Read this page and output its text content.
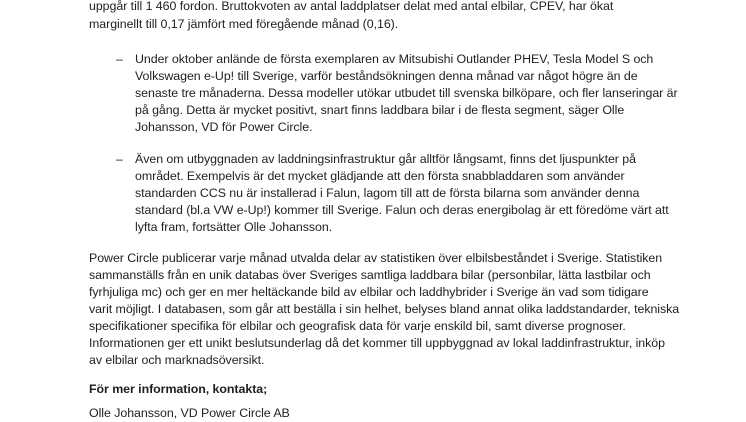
uppgår till 1 460 fordon. Bruttokvoten av antal laddplatser delat med antal elbilar, CPEV, har ökat
marginellt till 0,17 jämfört med föregående månad (0,16).
– Under oktober anlände de första exemplaren av Mitsubishi Outlander PHEV, Tesla Model S och
Volkswagen e-Up! till Sverige, varför beståndsökningen denna månad var något högre än de
senaste tre månaderna. Dessa modeller utökar utbudet till svenska bilköpare, och fler lanseringar är
på gång. Detta är mycket positivt, snart finns laddbara bilar i de flesta segment, säger Olle
Johansson, VD för Power Circle.
– Även om utbyggnaden av laddningsinfrastruktur går alltför långsamt, finns det ljuspunkter på
området. Exempelvis är det mycket glädjande att den första snabbladdaren som använder
standarden CCS nu är installerad i Falun, lagom till att de första bilarna som använder denna
standard (bl.a VW e-Up!) kommer till Sverige. Falun och deras energibolag är ett föredöme värt att
lyfta fram, fortsätter Olle Johansson.
Power Circle publicerar varje månad utvalda delar av statistiken över elbilsbeståndet i Sverige. Statistiken
sammanställs från en unik databas över Sveriges samtliga laddbara bilar (personbilar, lätta lastbilar och
fyrhjuliga mc) och ger en mer heltäckande bild av elbilar och laddhybrider i Sverige än vad som tidigare
varit möjligt. I databasen, som går att beställa i sin helhet, belyses bland annat olika laddstandarder, tekniska
specifikationer specifika för elbilar och geografisk data för varje enskild bil, samt diverse prognoser.
Informationen ger ett unikt beslutsunderlag då det kommer till uppbyggnad av lokal laddinfrastruktur, inköp
av elbilar och marknadsöversikt.
För mer information, kontakta;
Olle Johansson, VD Power Circle AB
